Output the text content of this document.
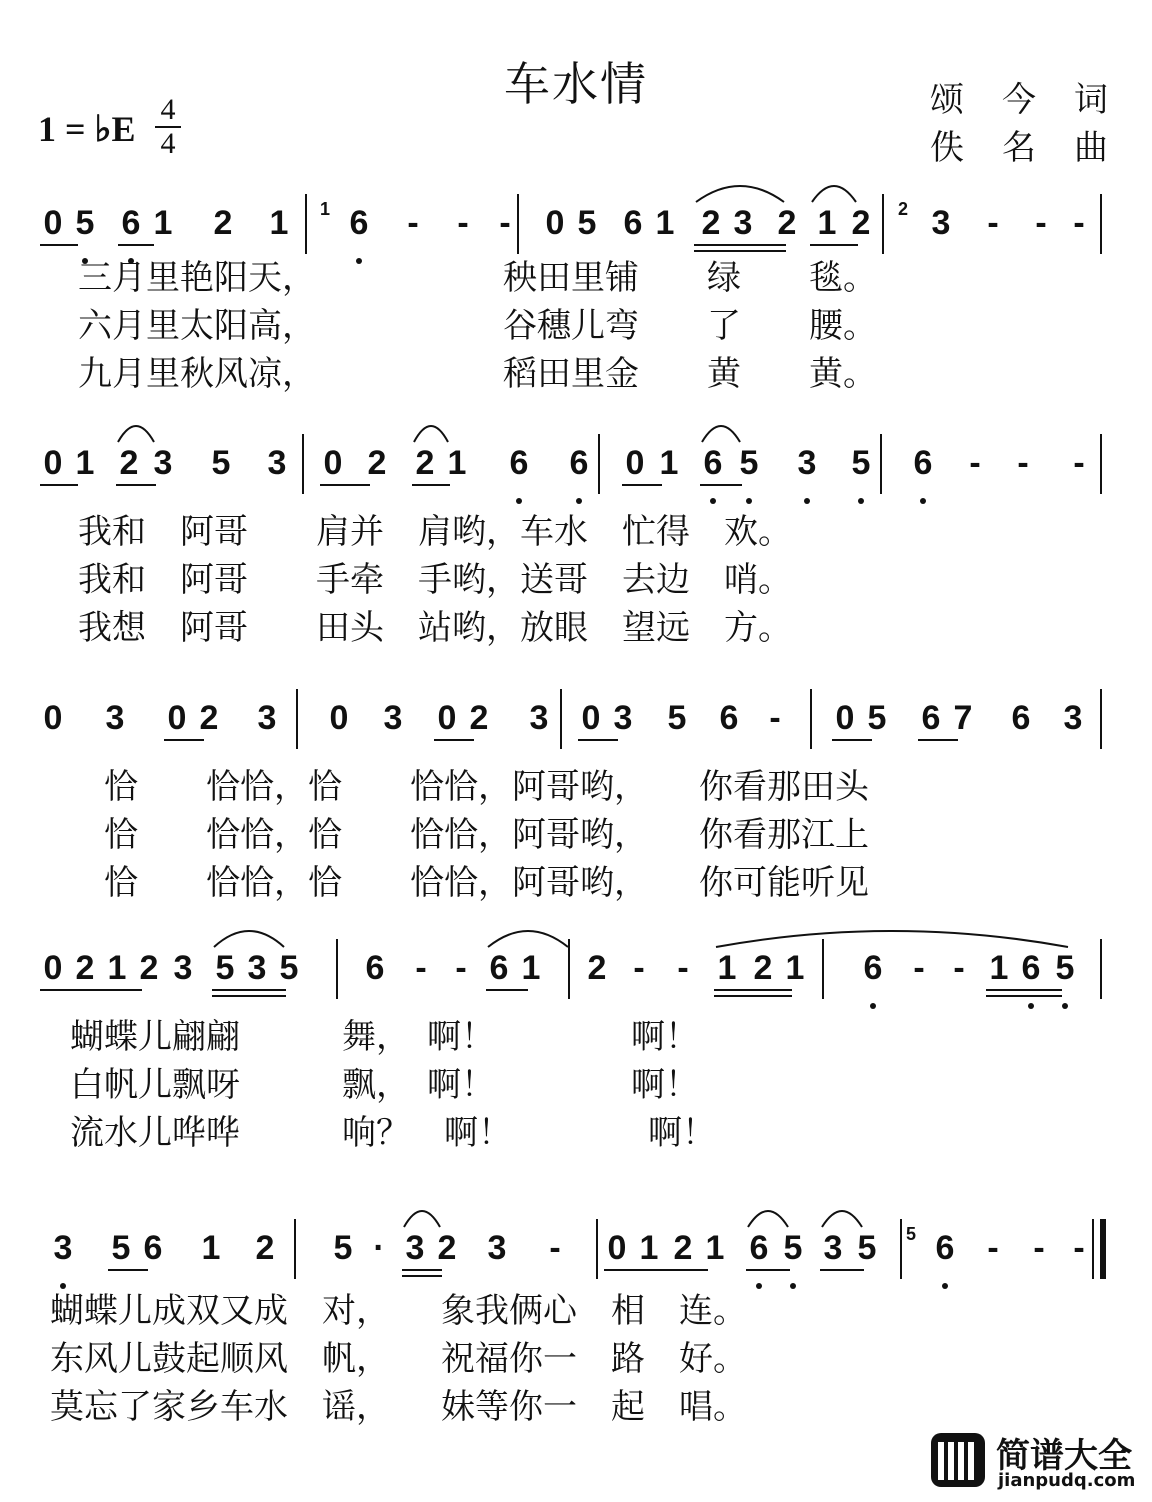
车水情	颂今词
佚名曲
1 = ♭E 4
4
0 5 6 1 2 1 6 - - - 0 5 6 1 2 3 2 1 2 3 - - -
1	2
三月里艳阳天，　　　　　　秧田里铺　　绿　　毯。
六月里太阳高，　　　　　　谷穗儿弯　　了　　腰。
九月里秋风凉，　　　　　　稻田里金　　黄　　黄。
0 1 2 3 5 3 0 2 2 1 6 6 0 1 6 5 3 5 6 - - -
我和　阿哥　　肩并　肩哟，车水　忙得　欢。
我和　阿哥　　手牵　手哟，送哥　去边　哨。
我想　阿哥　　田头　站哟，放眼　望远　方。
0 3 0 2 3 0 3 0 2 3 0 3 5 6 - 0 5 6 7 6 3
恰　　恰恰，恰　　恰恰，阿哥哟，　　你看那田头
恰　　恰恰，恰　　恰恰，阿哥哟，　　你看那江上
恰　　恰恰，恰　　恰恰，阿哥哟，　　你可能听见
0 2 1 2 3 5 3 5 6 - - 6 1 2 - - 1 2 1 6 - - 1 6 5
蝴蝶儿翩翩　　　舞，　啊！　　　　啊！
白帆儿飘呀　　　飘，　啊！　　　　啊！
流水儿哗哗　　　响？　啊！　　　　啊！
3 5 6 1 2 5 · 3 2 3 - 0 1 2 1 6 5 3 5 6 - - -
5
蝴蝶儿成双又成　对，　　象我俩心　相　连。
东风儿鼓起顺风　帆，　　祝福你一　路　好。
莫忘了家乡车水　谣，　　妹等你一　起　唱。
简谱大全
jianpudq.com
